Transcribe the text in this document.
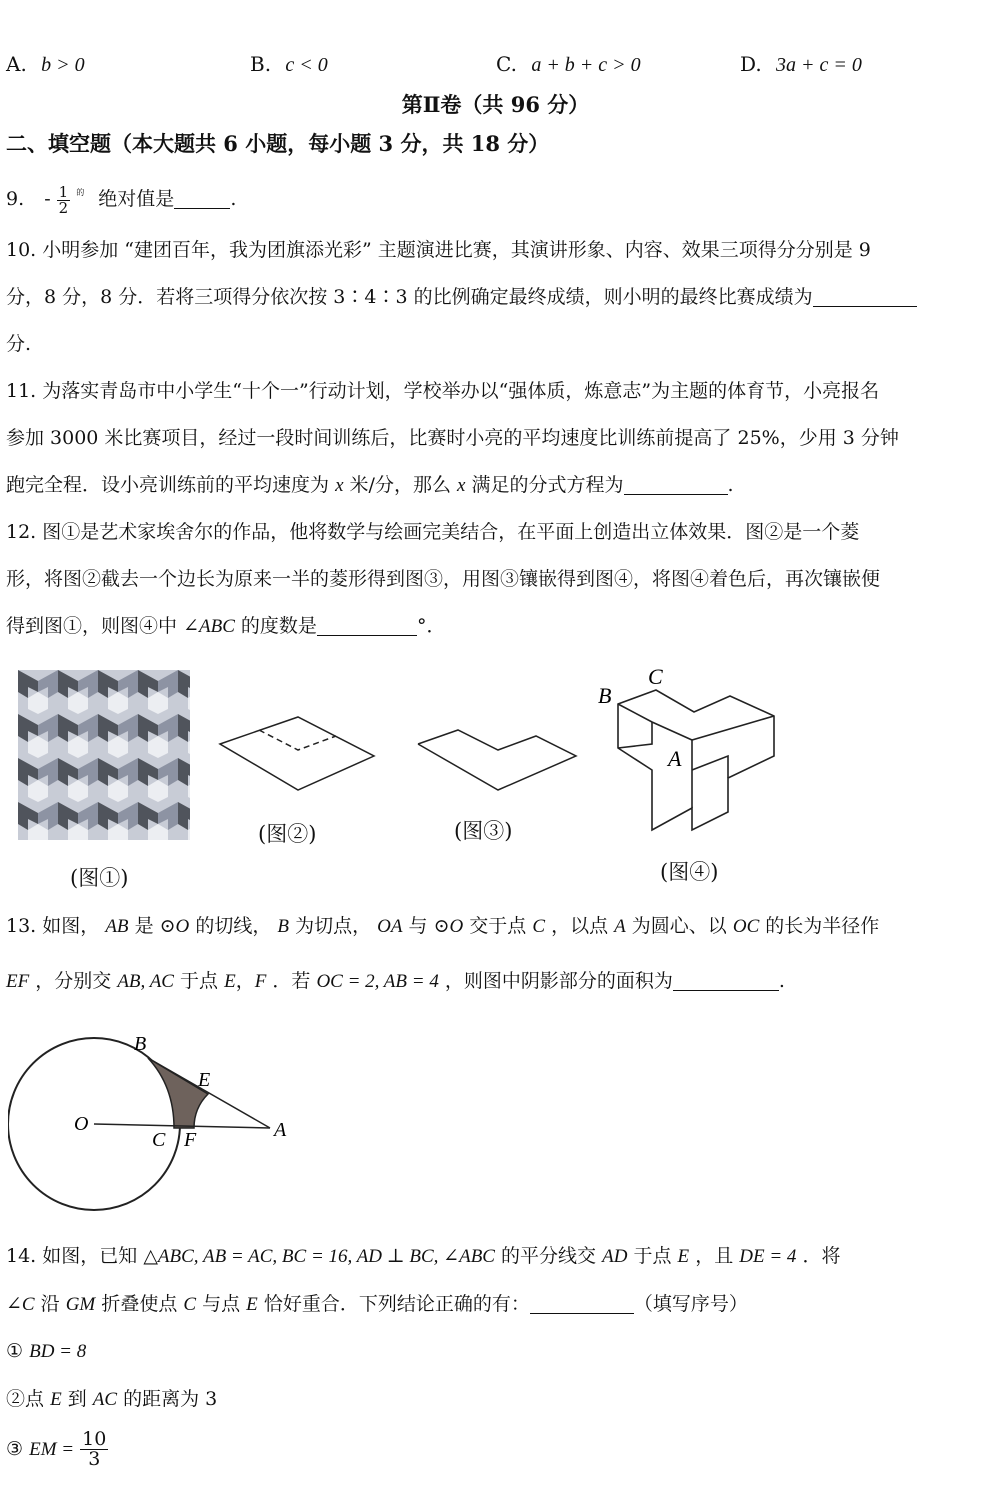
A. b > 0	B. c < 0	C. a + b + c > 0	D. 3a + c = 0
第Ⅱ卷（共 96 分）
二、填空题（本大题共 6 小题，每小题 3 分，共 18 分）
9. - $\frac{1}{2} ^的$ 绝对值是	.
10. 小明参加 “建团百年，我为团旗添光彩” 主题演进比赛，其演讲形象、内容、效果三项得分分别是 9
分，8 分，8 分．若将三项得分依次按 3∶4∶3 的比例确定最终成绩，则小明的最终比赛成绩为
分.
11. 为落实青岛市中小学生“十个一”行动计划，学校举办以“强体质，炼意志”为主题的体育节，小亮报名
参加 3000 米比赛项目，经过一段时间训练后，比赛时小亮的平均速度比训练前提高了 25%，少用 3 分钟
跑完全程．设小亮训练前的平均速度为 x 米/分，那么 x 满足的分式方程为	.
12. 图①是艺术家埃舍尔的作品，他将数学与绘画完美结合，在平面上创造出立体效果．图②是一个菱
形，将图②截去一个边长为原来一半的菱形得到图③，用图③镶嵌得到图④，将图④着色后，再次镶嵌便
得到图①，则图④中 ∠ABC 的度数是	°．
(图①)
(图②)	(图③)
B
C
A
(图④)
13. 如图， AB 是 ⊙O 的切线， B 为切点， OA 与 ⊙O 交于点 C ，以点 A 为圆心、以 OC 的长为半径作
EF ，分别交 AB, AC 于点 E，F ．若 OC = 2, AB = 4 ，则图中阴影部分的面积为	.
B
E
O
C F	A
14. 如图，已知 △ABC, AB = AC, BC = 16, AD ⊥ BC, ∠ABC 的平分线交 AD 于点 E ，且 DE = 4 ．将
∠C 沿 GM 折叠使点 C 与点 E 恰好重合．下列结论正确的有：	（填写序号）
① BD = 8
②点 E 到 AC 的距离为 3
③ EM = $\frac{10}{3}$
